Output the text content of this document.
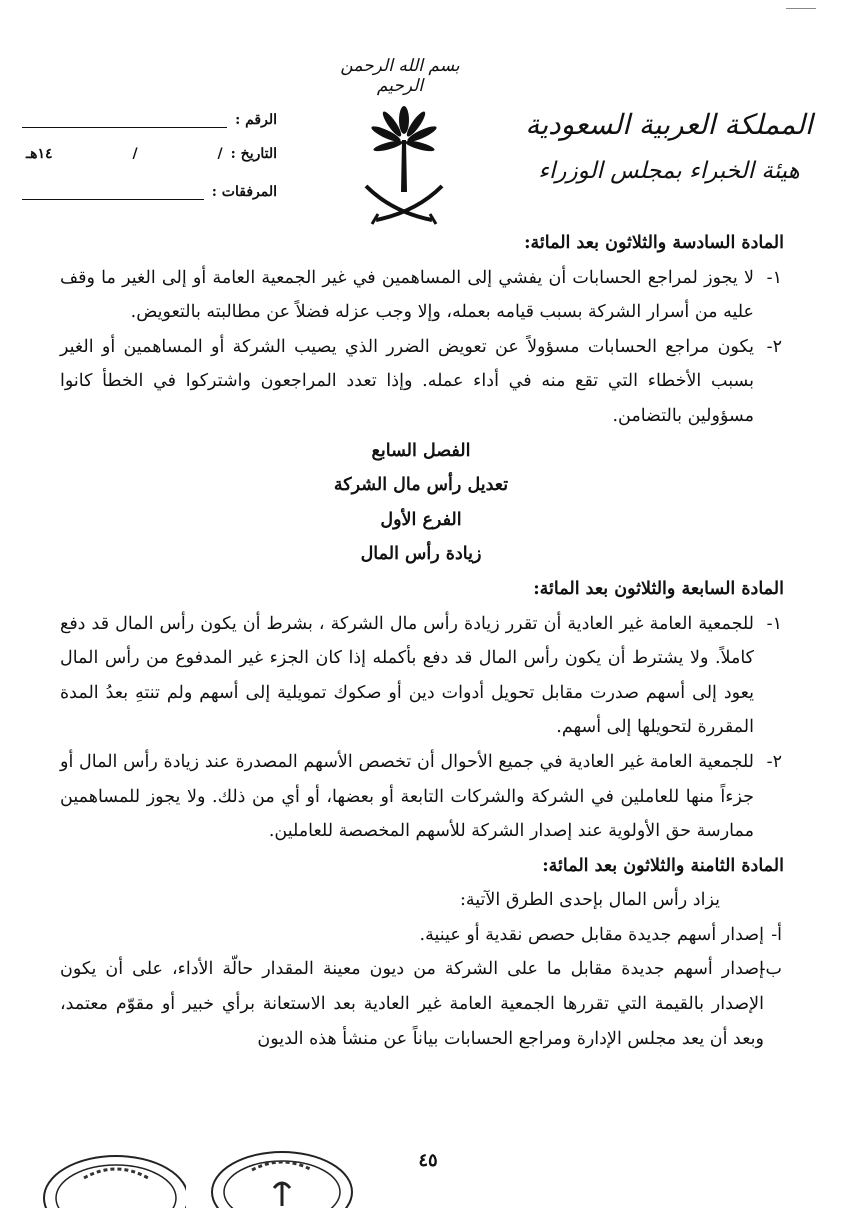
بسم الله الرحمن الرحيم
المملكة العربية السعودية
هيئة الخبراء بمجلس الوزراء
الرقم :
التاريخ :
/
/
١٤هـ
المرفقات :
المادة السادسة والثلاثون بعد المائة:
١-
لا يجوز لمراجع الحسابات أن يفشي إلى المساهمين في غير الجمعية العامة أو إلى الغير ما وقف عليه من أسرار الشركة بسبب قيامه بعمله، وإلا وجب عزله فضلاً عن مطالبته بالتعويض.
٢-
يكون مراجع الحسابات مسؤولاً عن تعويض الضرر الذي يصيب الشركة أو المساهمين أو الغير بسبب الأخطاء التي تقع منه في أداء عمله. وإذا تعدد المراجعون واشتركوا في الخطأ كانوا مسؤولين بالتضامن.
الفصل السابع
تعديل رأس مال الشركة
الفرع الأول
زيادة رأس المال
المادة السابعة والثلاثون بعد المائة:
١-
للجمعية العامة غير العادية أن تقرر زيادة رأس مال الشركة ، بشرط أن يكون رأس المال قد دفع كاملاً. ولا يشترط أن يكون رأس المال قد دفع بأكمله إذا كان الجزء غير المدفوع من رأس المال يعود إلى أسهم صدرت مقابل تحويل أدوات دين أو صكوك تمويلية إلى أسهم ولم تنتهِ بعدُ المدة المقررة لتحويلها إلى أسهم.
٢-
للجمعية العامة غير العادية في جميع الأحوال أن تخصص الأسهم المصدرة عند زيادة رأس المال أو جزءاً منها للعاملين في الشركة والشركات التابعة أو بعضها، أو أي من ذلك. ولا يجوز للمساهمين ممارسة حق الأولوية عند إصدار الشركة للأسهم المخصصة للعاملين.
المادة الثامنة والثلاثون بعد المائة:
يزاد رأس المال بإحدى الطرق الآتية:
أ-
إصدار أسهم جديدة مقابل حصص نقدية أو عينية.
ب-
إصدار أسهم جديدة مقابل ما على الشركة من ديون معينة المقدار حالّة الأداء، على أن يكون الإصدار بالقيمة التي تقررها الجمعية العامة غير العادية بعد الاستعانة برأي خبير أو مقوّم معتمد، وبعد أن يعد مجلس الإدارة ومراجع الحسابات بياناً عن منشأ هذه الديون
٤٥
